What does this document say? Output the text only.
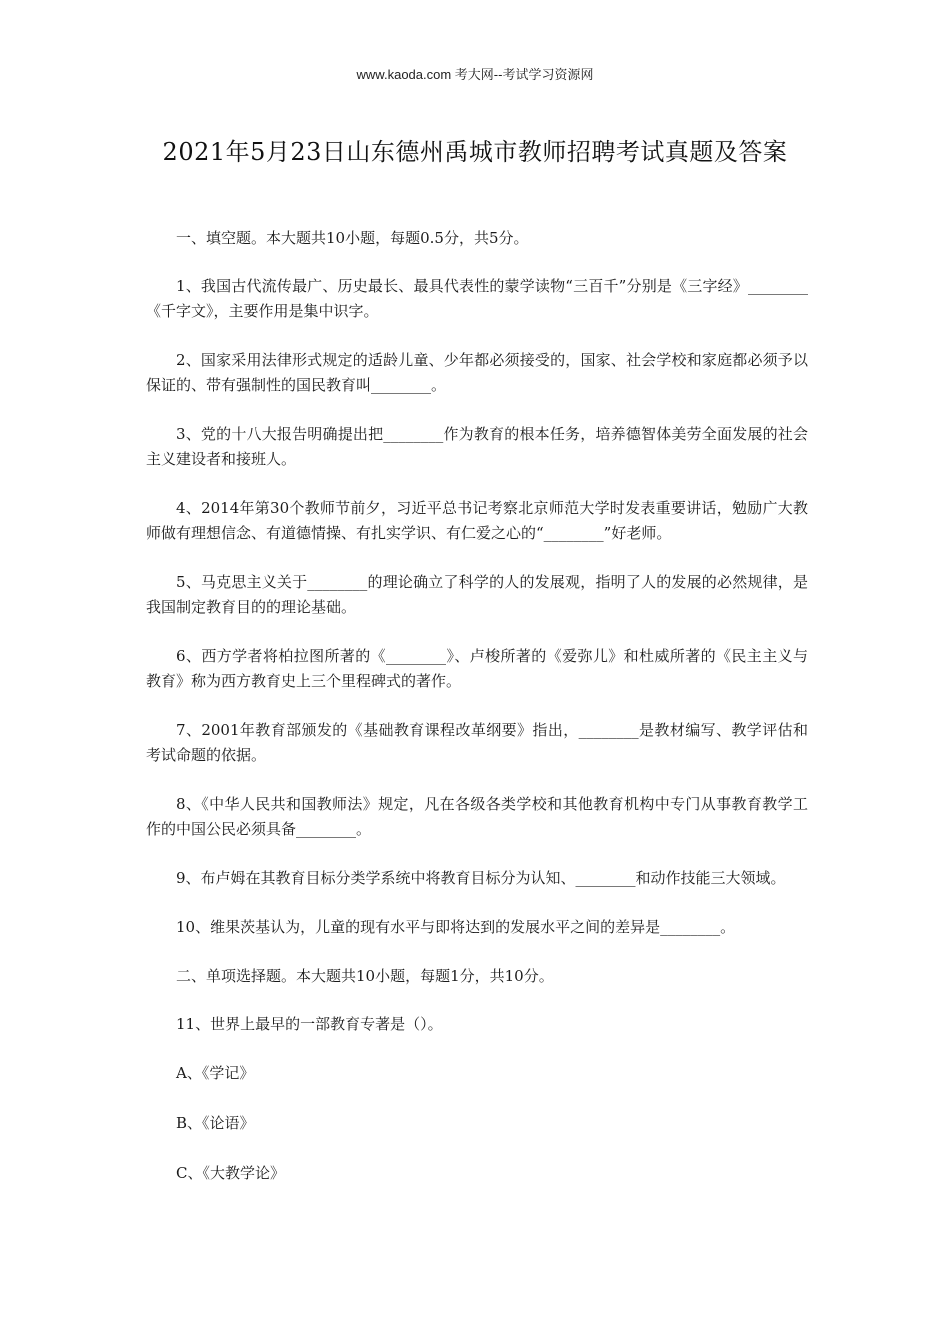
www.kaoda.com 考大网--考试学习资源网
2021年5月23日山东德州禹城市教师招聘考试真题及答案

一、填空题。本大题共10小题，每题0.5分，共5分。

1、我国古代流传最广、历史最长、最具代表性的蒙学读物“三百千”分别是《三字经》________《千字文》，主要作用是集中识字。

2、国家采用法律形式规定的适龄儿童、少年都必须接受的，国家、社会学校和家庭都必须予以保证的、带有强制性的国民教育叫________。

3、党的十八大报告明确提出把________作为教育的根本任务，培养德智体美劳全面发展的社会主义建设者和接班人。

4、2014年第30个教师节前夕，习近平总书记考察北京师范大学时发表重要讲话，勉励广大教师做有理想信念、有道德情操、有扎实学识、有仁爱之心的“________”好老师。

5、马克思主义关于________的理论确立了科学的人的发展观，指明了人的发展的必然规律，是我国制定教育目的的理论基础。

6、西方学者将柏拉图所著的《________》、卢梭所著的《爱弥儿》和杜威所著的《民主主义与教育》称为西方教育史上三个里程碑式的著作。

7、2001年教育部颁发的《基础教育课程改革纲要》指出，________是教材编写、教学评估和考试命题的依据。

8、《中华人民共和国教师法》规定，凡在各级各类学校和其他教育机构中专门从事教育教学工作的中国公民必须具备________。

9、布卢姆在其教育目标分类学系统中将教育目标分为认知、________和动作技能三大领域。

10、维果茨基认为，儿童的现有水平与即将达到的发展水平之间的差异是________。

二、单项选择题。本大题共10小题，每题1分，共10分。

11、世界上最早的一部教育专著是（）。

A、《学记》

B、《论语》

C、《大教学论》
